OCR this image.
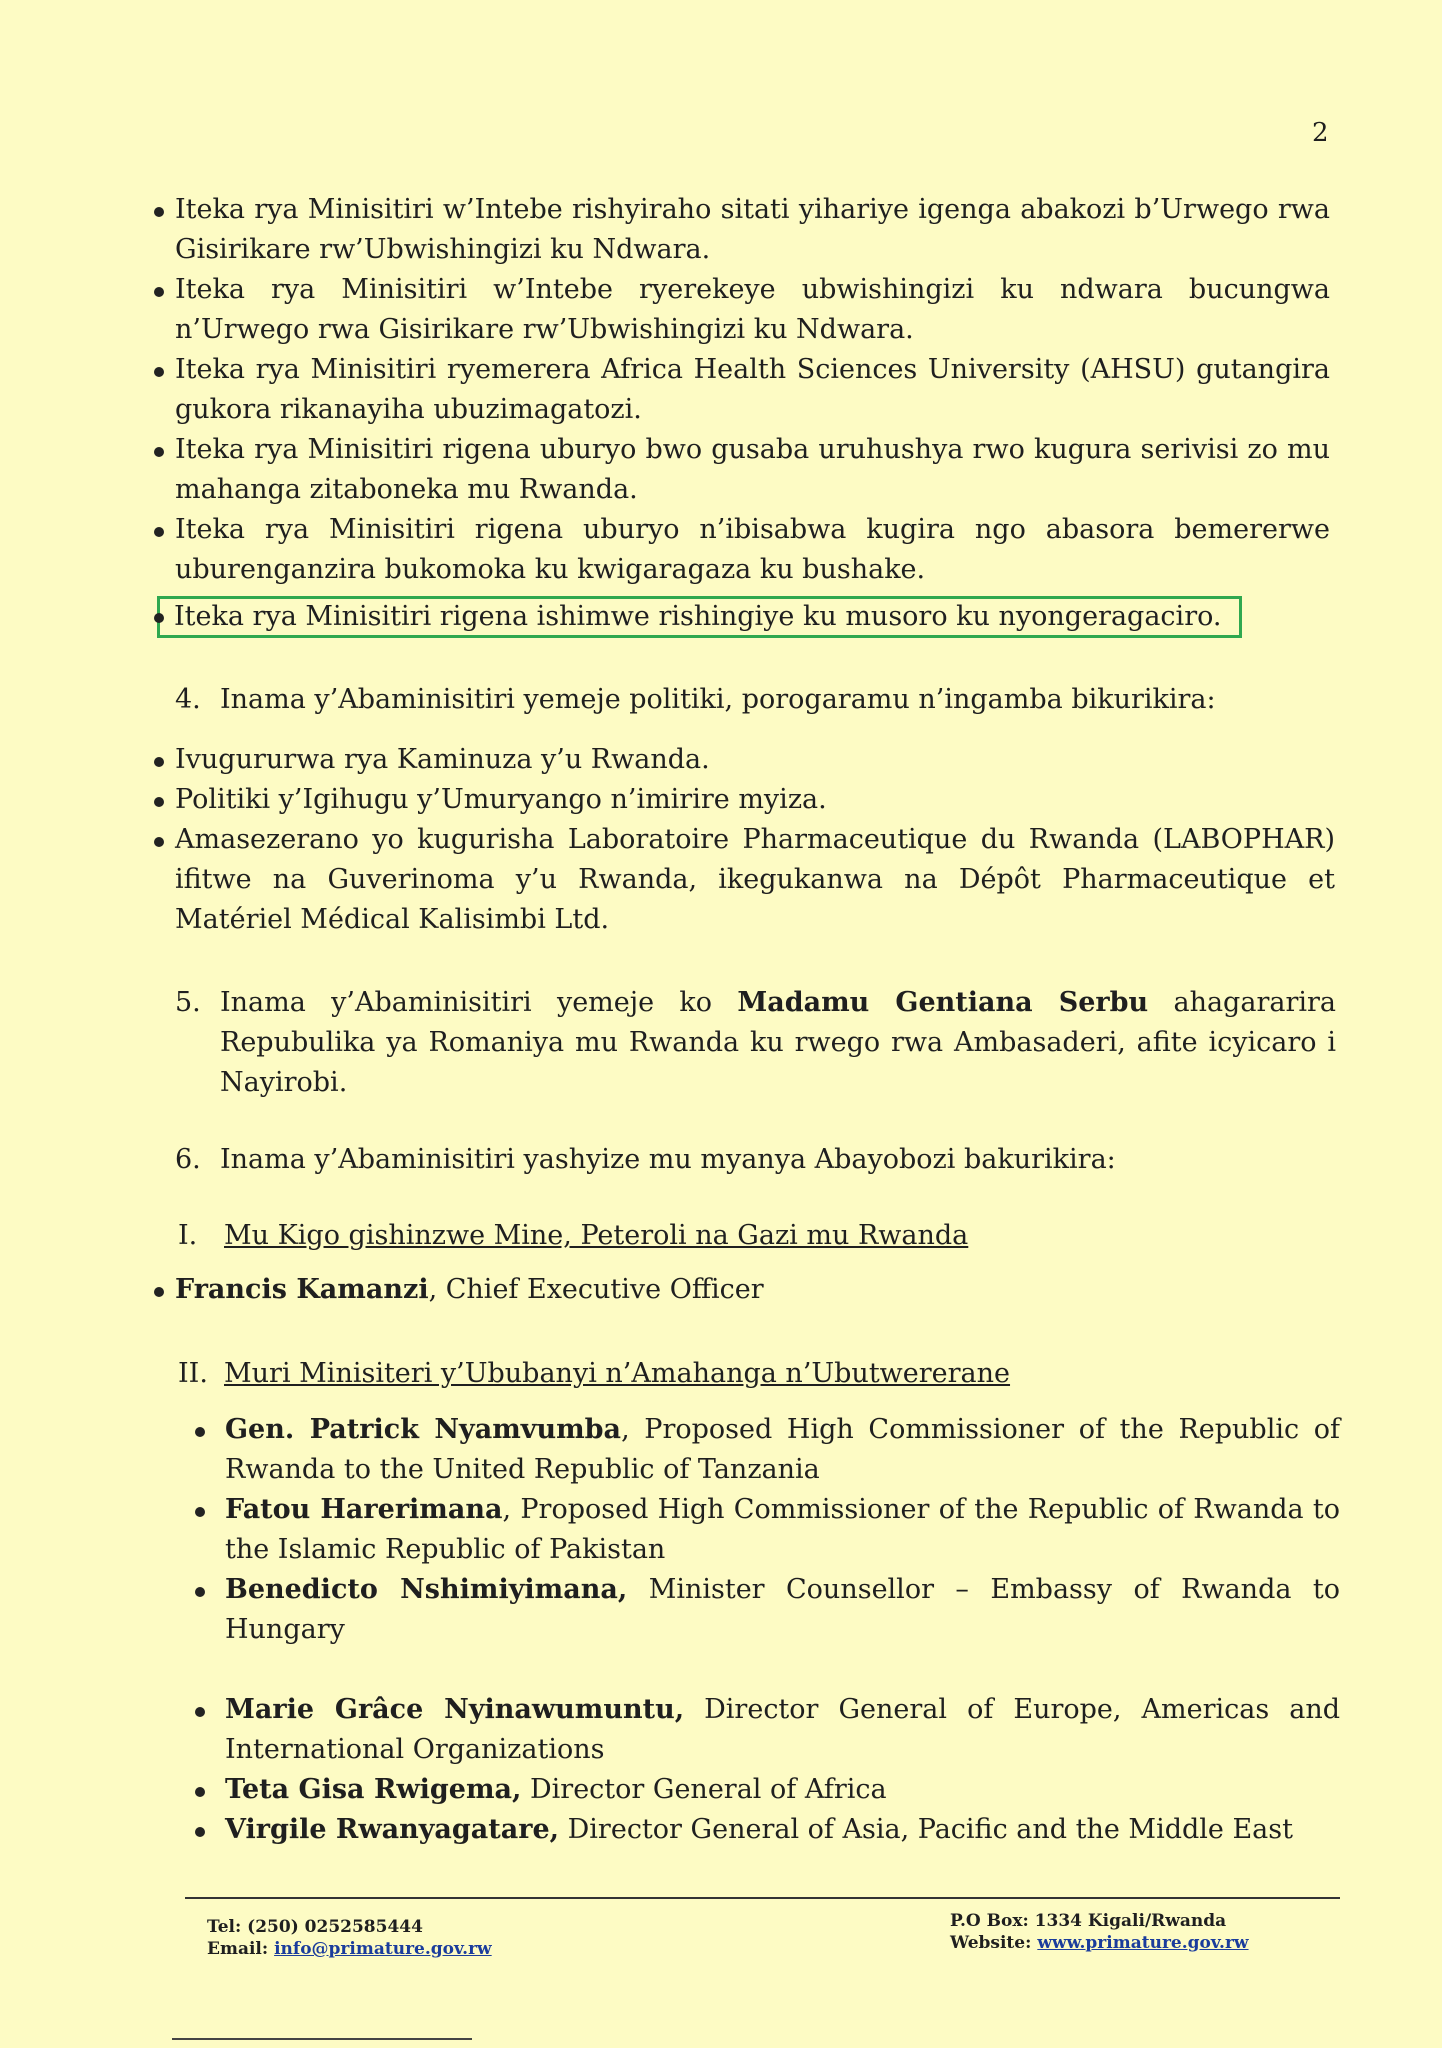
2
Iteka rya Minisitiri w’Intebe rishyiraho sitati yihariye igenga abakozi b’Urwego rwa Gisirikare rw’Ubwishingizi ku Ndwara.
Iteka rya Minisitiri w’Intebe ryerekeye ubwishingizi ku ndwara bucungwa n’Urwego rwa Gisirikare rw’Ubwishingizi ku Ndwara.
Iteka rya Minisitiri ryemerera Africa Health Sciences University (AHSU) gutangira gukora rikanayiha ubuzimagatozi.
Iteka rya Minisitiri rigena uburyo bwo gusaba uruhushya rwo kugura serivisi zo mu mahanga zitaboneka mu Rwanda.
Iteka rya Minisitiri rigena uburyo n’ibisabwa kugira ngo abasora bemererwe uburenganzira bukomoka ku kwigaragaza ku bushake.
Iteka rya Minisitiri rigena ishimwe rishingiye ku musoro ku nyongeragaciro.
4. Inama y’Abaminisitiri yemeje politiki, porogaramu n’ingamba bikurikira:
Ivugururwa rya Kaminuza y’u Rwanda.
Politiki y’Igihugu y’Umuryango n’imirire myiza.
Amasezerano yo kugurisha Laboratoire Pharmaceutique du Rwanda (LABOPHAR) ifitwe na Guverinoma y’u Rwanda, ikegukanwa na Dépôt Pharmaceutique et Matériel Médical Kalisimbi Ltd.
5. Inama y’Abaminisitiri yemeje ko Madamu Gentiana Serbu ahagararira Repubulika ya Romaniya mu Rwanda ku rwego rwa Ambasaderi, afite icyicaro i Nayirobi.
6. Inama y’Abaminisitiri yashyize mu myanya Abayobozi bakurikira:
I. Mu Kigo gishinzwe Mine, Peteroli na Gazi mu Rwanda
Francis Kamanzi, Chief Executive Officer
II. Muri Minisiteri y’Ububanyi n’Amahanga n’Ubutwererane
Gen. Patrick Nyamvumba, Proposed High Commissioner of the Republic of Rwanda to the United Republic of Tanzania
Fatou Harerimana, Proposed High Commissioner of the Republic of Rwanda to the Islamic Republic of Pakistan
Benedicto Nshimiyimana, Minister Counsellor – Embassy of Rwanda to Hungary
Marie Grâce Nyinawumuntu, Director General of Europe, Americas and International Organizations
Teta Gisa Rwigema, Director General of Africa
Virgile Rwanyagatare, Director General of Asia, Pacific and the Middle East
Tel: (250) 0252585444
Email: info@primature.gov.rw
P.O Box: 1334 Kigali/Rwanda
Website: www.primature.gov.rw
